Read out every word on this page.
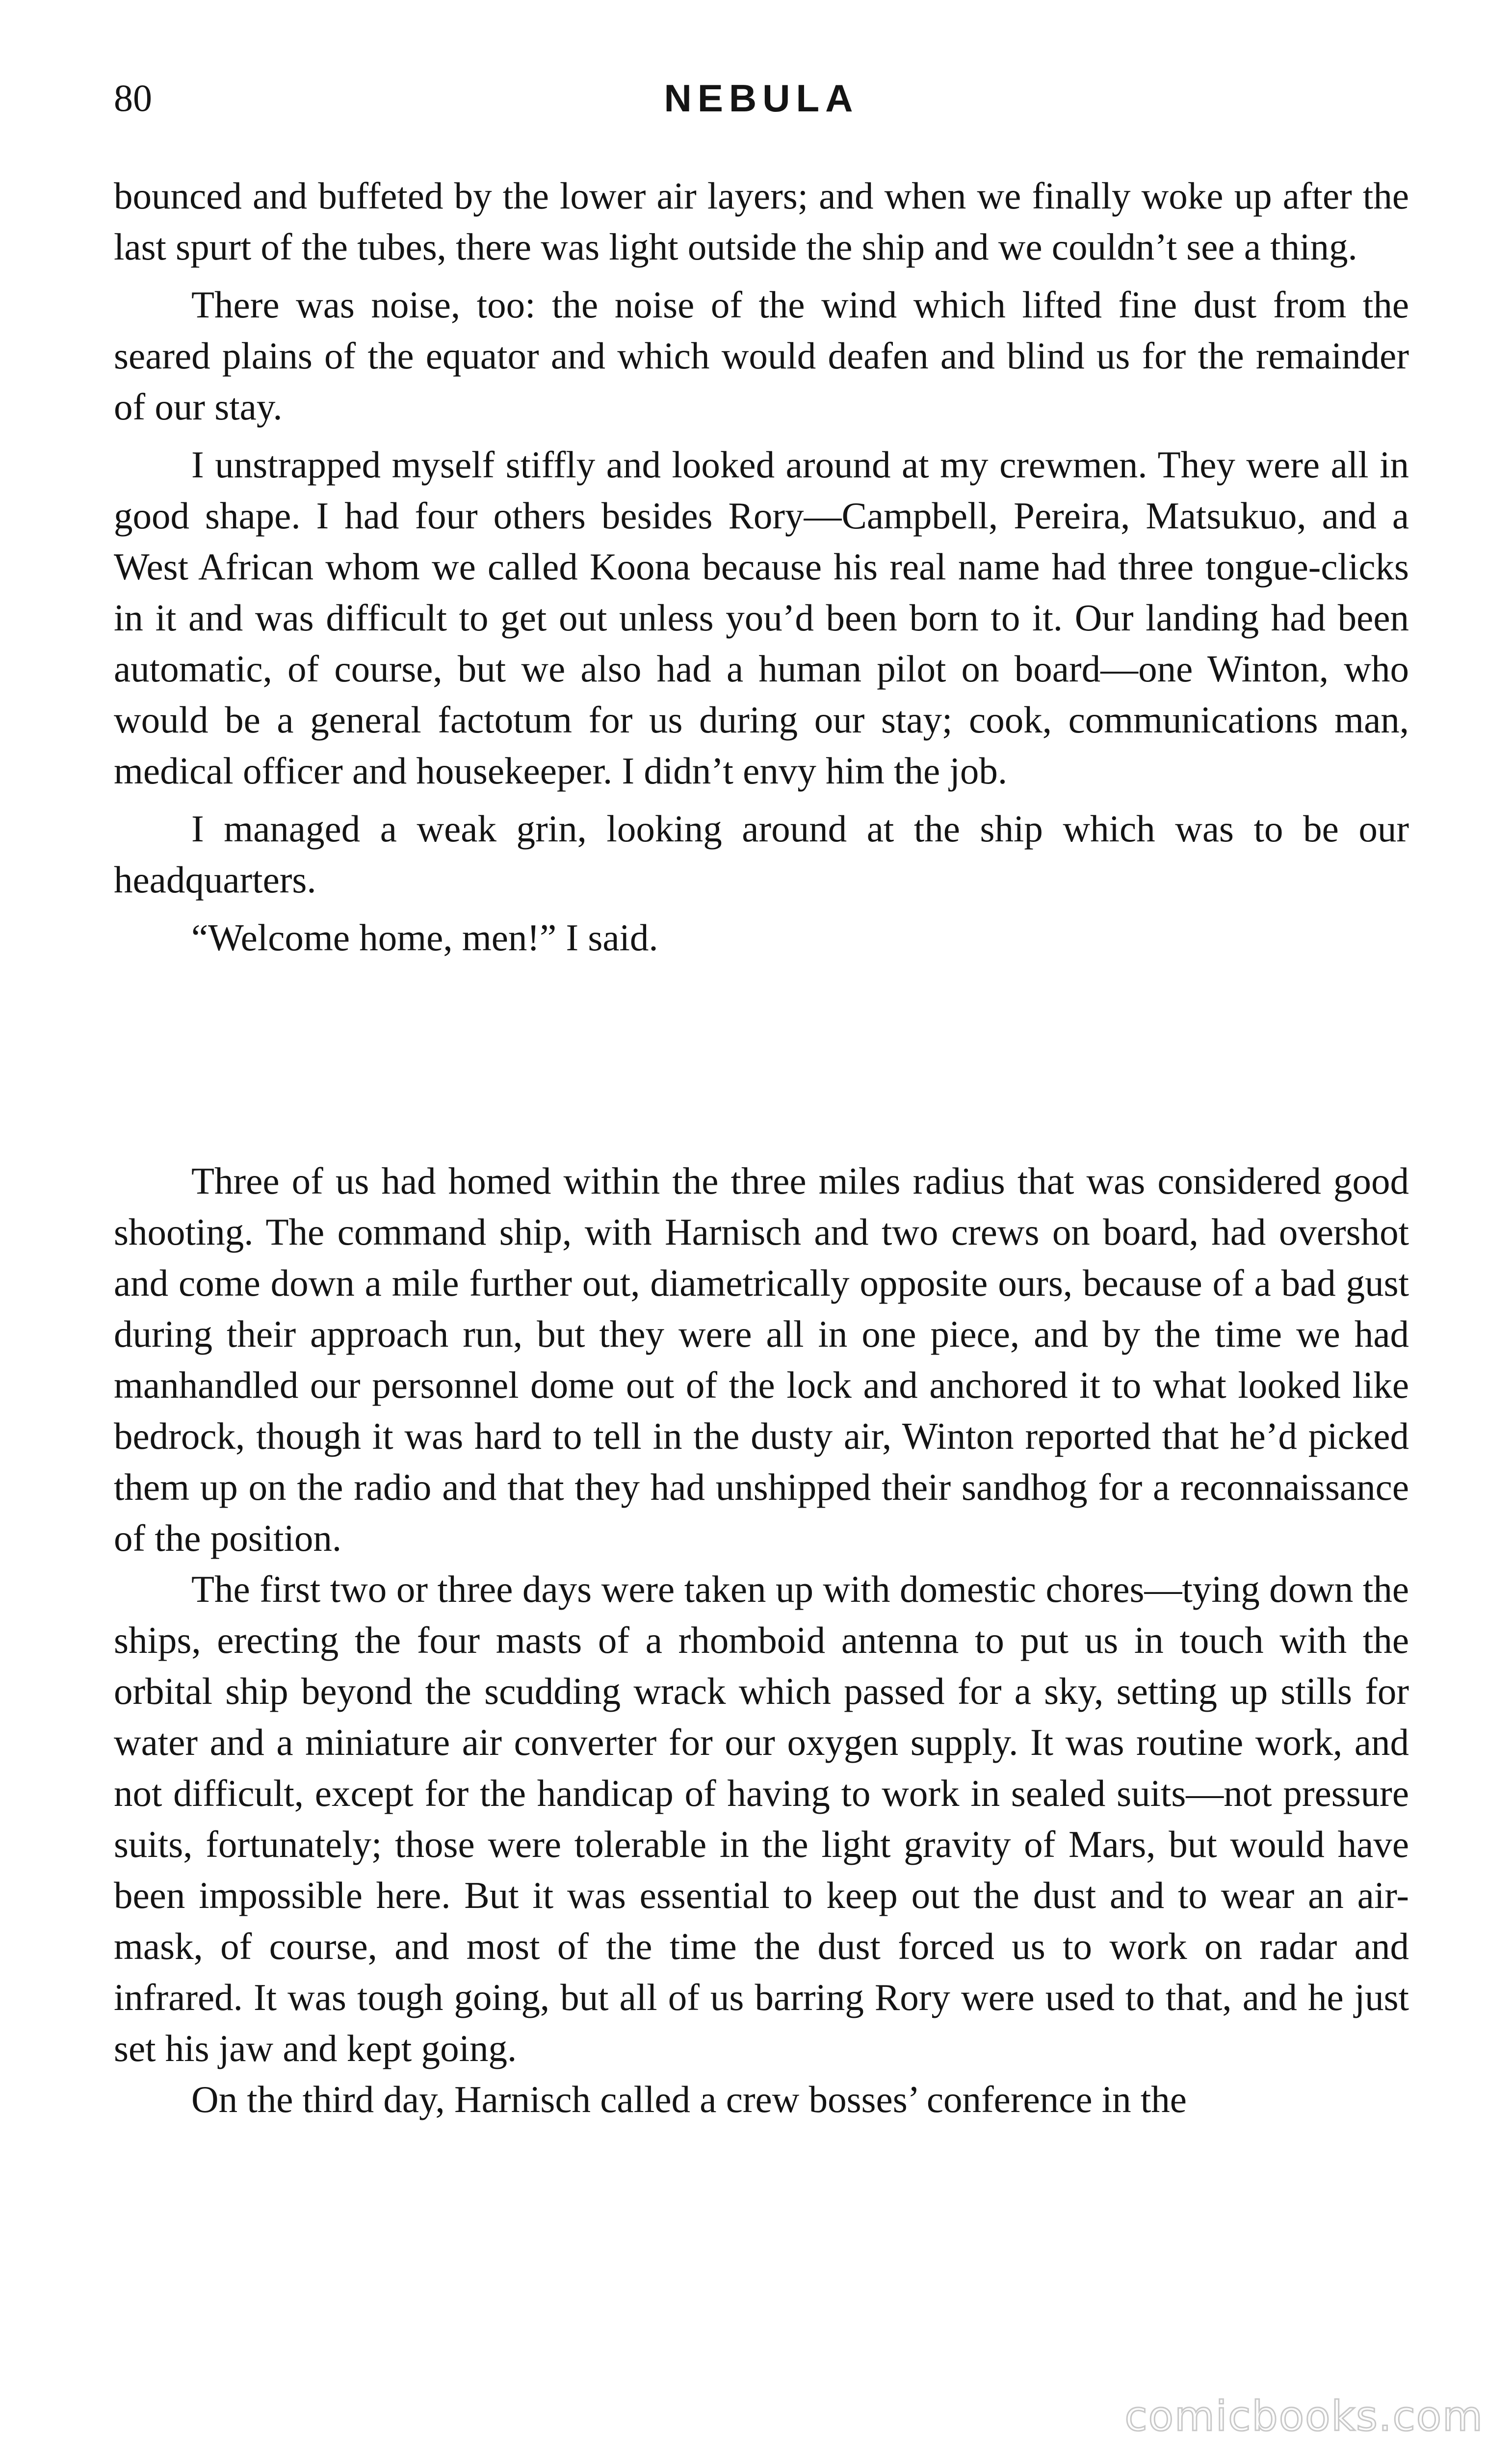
80	NEBULA

bounced and buffeted by the lower air layers; and when we finally woke up after the last spurt of the tubes, there was light outside the ship and we couldn’t see a thing.

There was noise, too: the noise of the wind which lifted fine dust from the seared plains of the equator and which would deafen and blind us for the remainder of our stay.

I unstrapped myself stiffly and looked around at my crewmen. They were all in good shape. I had four others besides Rory—Campbell, Pereira, Matsukuo, and a West African whom we called Koona because his real name had three tongue-clicks in it and was difficult to get out unless you’d been born to it. Our landing had been automatic, of course, but we also had a human pilot on board—one Winton, who would be a general factotum for us during our stay; cook, communications man, medical officer and housekeeper. I didn’t envy him the job.

I managed a weak grin, looking around at the ship which was to be our headquarters.

“Welcome home, men!” I said.

Three of us had homed within the three miles radius that was considered good shooting. The command ship, with Harnisch and two crews on board, had overshot and come down a mile further out, diametrically opposite ours, because of a bad gust during their approach run, but they were all in one piece, and by the time we had manhandled our personnel dome out of the lock and anchored it to what looked like bedrock, though it was hard to tell in the dusty air, Winton reported that he’d picked them up on the radio and that they had unshipped their sandhog for a reconnaissance of the position.

The first two or three days were taken up with domestic chores—tying down the ships, erecting the four masts of a rhomboid antenna to put us in touch with the orbital ship beyond the scudding wrack which passed for a sky, setting up stills for water and a miniature air converter for our oxygen supply. It was routine work, and not difficult, except for the handicap of having to work in sealed suits—not pressure suits, fortunately; those were tolerable in the light gravity of Mars, but would have been impossible here. But it was essential to keep out the dust and to wear an air-mask, of course, and most of the time the dust forced us to work on radar and infrared. It was tough going, but all of us barring Rory were used to that, and he just set his jaw and kept going.

On the third day, Harnisch called a crew bosses’ conference in the

comicbooks.com
